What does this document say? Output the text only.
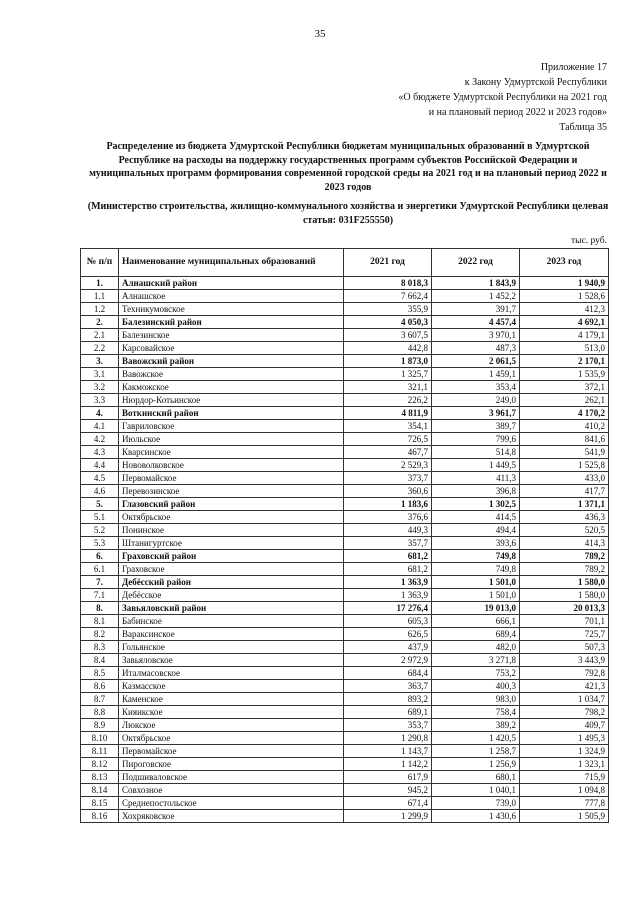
35
Приложение 17
к Закону Удмуртской Республики
«О бюджете Удмуртской Республики на 2021 год
и на плановый период 2022 и 2023 годов»
Таблица 35
Распределение из бюджета Удмуртской Республики бюджетам муниципальных образований в Удмуртской Республике на расходы на поддержку государственных программ субъектов Российской Федерации и муниципальных программ формирования современной городской среды на 2021 год и на плановый период 2022 и 2023 годов
(Министерство строительства, жилищно-коммунального хозяйства и энергетики Удмуртской Республики целевая статья: 031F255550)
тыс. руб.
№ п/п	Наименование муниципальных образований	2021 год	2022 год	2023 год
1.	Алнашский район	8 018,3	1 843,9	1 940,9
1.1	Алнашское	7 662,4	1 452,2	1 528,6
1.2	Техникумовское	355,9	391,7	412,3
2.	Балезинский район	4 050,3	4 457,4	4 692,1
2.1	Балезинское	3 607,5	3 970,1	4 179,1
2.2	Карсовайское	442,8	487,3	513,0
3.	Вавожский район	1 873,0	2 061,5	2 170,1
3.1	Вавожское	1 325,7	1 459,1	1 535,9
3.2	Какможское	321,1	353,4	372,1
3.3	Нюрдор-Котьинское	226,2	249,0	262,1
4.	Воткинский район	4 811,9	3 961,7	4 170,2
4.1	Гавриловское	354,1	389,7	410,2
4.2	Июльское	726,5	799,6	841,6
4.3	Кварсинское	467,7	514,8	541,9
4.4	Нововолковское	2 529,3	1 449,5	1 525,8
4.5	Первомайское	373,7	411,3	433,0
4.6	Перевозинское	360,6	396,8	417,7
5.	Глазовский район	1 183,6	1 302,5	1 371,1
5.1	Октябрьское	376,6	414,5	436,3
5.2	Понинское	449,3	494,4	520,5
5.3	Штанигуртское	357,7	393,6	414,3
6.	Граховский район	681,2	749,8	789,2
6.1	Граховское	681,2	749,8	789,2
7.	Дебёсский район	1 363,9	1 501,0	1 580,0
7.1	Дебёсское	1 363,9	1 501,0	1 580,0
8.	Завьяловский район	17 276,4	19 013,0	20 013,3
8.1	Бабинское	605,3	666,1	701,1
8.2	Вараксинское	626,5	689,4	725,7
8.3	Гольянское	437,9	482,0	507,3
8.4	Завьяловское	2 972,9	3 271,8	3 443,9
8.5	Италмасовское	684,4	753,2	792,8
8.6	Казмасское	363,7	400,3	421,3
8.7	Каменское	893,2	983,0	1 034,7
8.8	Кияикское	689,1	758,4	798,2
8.9	Люкское	353,7	389,2	409,7
8.10	Октябрьское	1 290,8	1 420,5	1 495,3
8.11	Первомайское	1 143,7	1 258,7	1 324,9
8.12	Пироговское	1 142,2	1 256,9	1 323,1
8.13	Подшиваловское	617,9	680,1	715,9
8.14	Совхозное	945,2	1 040,1	1 094,8
8.15	Среднепостольское	671,4	739,0	777,8
8.16	Хохряковское	1 299,9	1 430,6	1 505,9
